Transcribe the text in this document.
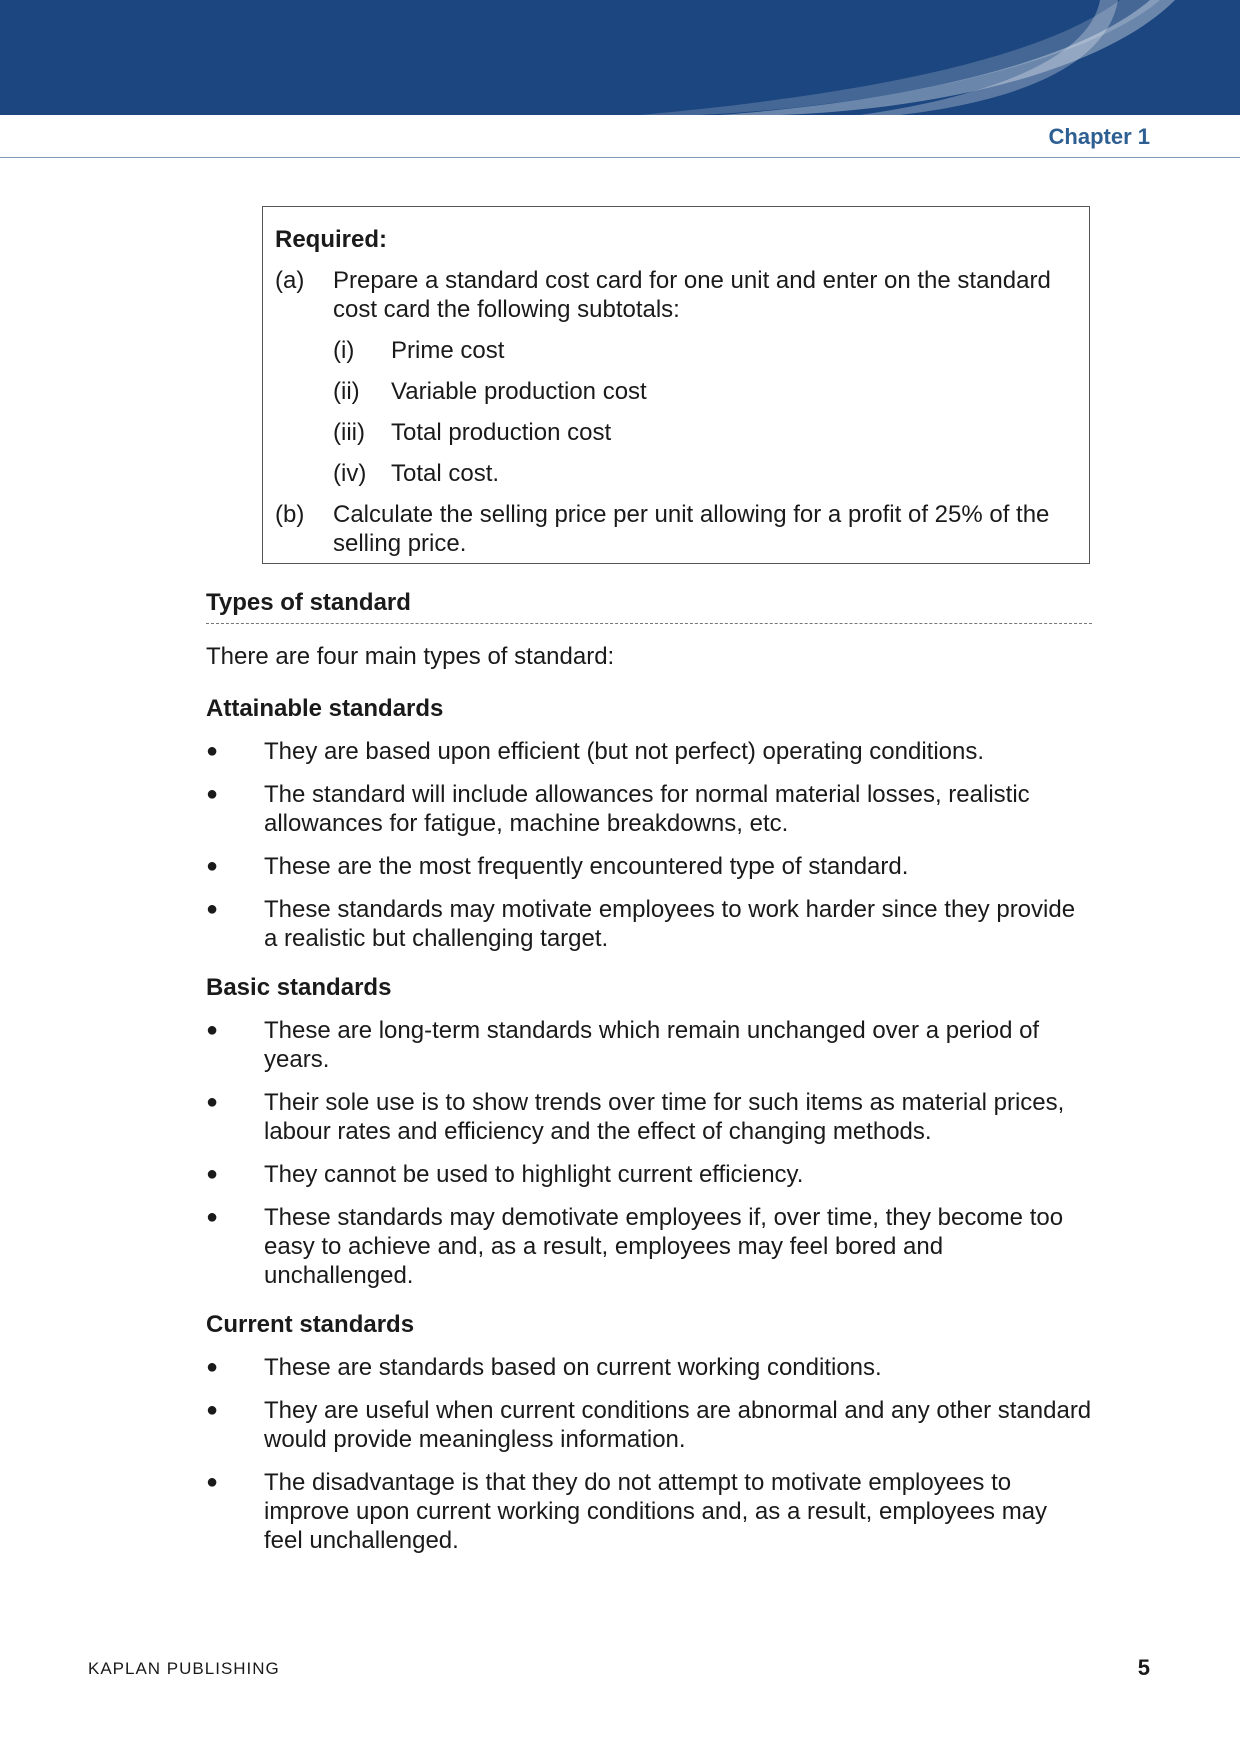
Chapter 1
Required:
(a)	Prepare a standard cost card for one unit and enter on the standard cost card the following subtotals:
(i)	Prime cost
(ii)	Variable production cost
(iii)	Total production cost
(iv)	Total cost.
(b)	Calculate the selling price per unit allowing for a profit of 25% of the selling price.
Types of standard
There are four main types of standard:
Attainable standards
●	They are based upon efficient (but not perfect) operating conditions.
●	The standard will include allowances for normal material losses, realistic allowances for fatigue, machine breakdowns, etc.
●	These are the most frequently encountered type of standard.
●	These standards may motivate employees to work harder since they provide a realistic but challenging target.
Basic standards
●	These are long-term standards which remain unchanged over a period of years.
●	Their sole use is to show trends over time for such items as material prices, labour rates and efficiency and the effect of changing methods.
●	They cannot be used to highlight current efficiency.
●	These standards may demotivate employees if, over time, they become too easy to achieve and, as a result, employees may feel bored and unchallenged.
Current standards
●	These are standards based on current working conditions.
●	They are useful when current conditions are abnormal and any other standard would provide meaningless information.
●	The disadvantage is that they do not attempt to motivate employees to improve upon current working conditions and, as a result, employees may feel unchallenged.
KAPLAN PUBLISHING	5
